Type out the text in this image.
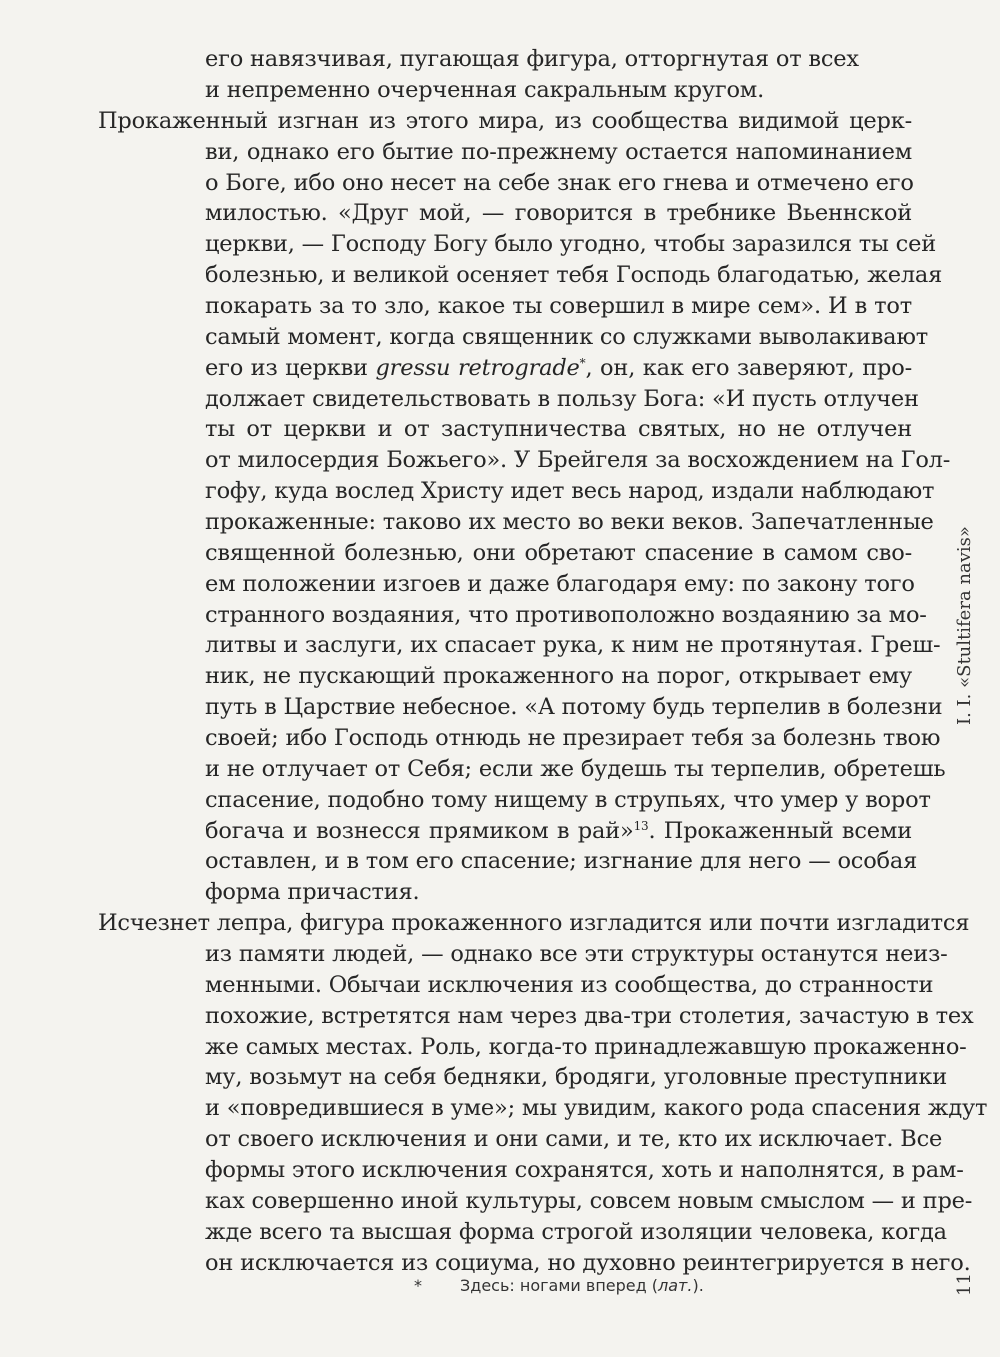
его навязчивая, пугающая фигура, отторгнутая от всех
и непременно очерченная сакральным кругом.
Прокаженный изгнан из этого мира, из сообщества видимой церк-
ви, однако его бытие по-прежнему остается напоминанием
о Боге, ибо оно несет на себе знак его гнева и отмечено его
милостью. «Друг мой, — говорится в требнике Вьеннской
церкви, — Господу Богу было угодно, чтобы заразился ты сей
болезнью, и великой осеняет тебя Господь благодатью, желая
покарать за то зло, какое ты совершил в мире сем». И в тот
самый момент, когда священник со служками выволакивают
его из церкви gressu retrograde*, он, как его заверяют, про-
должает свидетельствовать в пользу Бога: «И пусть отлучен
ты от церкви и от заступничества святых, но не отлучен
от милосердия Божьего». У Брейгеля за восхождением на Гол-
гофу, куда вослед Христу идет весь народ, издали наблюдают
прокаженные: таково их место во веки веков. Запечатленные
священной болезнью, они обретают спасение в самом сво-
ем положении изгоев и даже благодаря ему: по закону того
странного воздаяния, что противоположно воздаянию за мо-
литвы и заслуги, их спасает рука, к ним не протянутая. Греш-
ник, не пускающий прокаженного на порог, открывает ему
путь в Царствие небесное. «А потому будь терпелив в болезни
своей; ибо Господь отнюдь не презирает тебя за болезнь твою
и не отлучает от Себя; если же будешь ты терпелив, обретешь
спасение, подобно тому нищему в струпьях, что умер у ворот
богача и вознесся прямиком в рай»$^{13}$. Прокаженный всеми
оставлен, и в том его спасение; изгнание для него — особая
форма причастия.
Исчезнет лепра, фигура прокаженного изгладится или почти изгладится
из памяти людей, — однако все эти структуры останутся неиз-
менными. Обычаи исключения из сообщества, до странности
похожие, встретятся нам через два-три столетия, зачастую в тех
же самых местах. Роль, когда-то принадлежавшую прокаженно-
му, возьмут на себя бедняки, бродяги, уголовные преступники
и «повредившиеся в уме»; мы увидим, какого рода спасения ждут
от своего исключения и они сами, и те, кто их исключает. Все
формы этого исключения сохранятся, хоть и наполнятся, в рам-
ках совершенно иной культуры, совсем новым смыслом — и пре-
жде всего та высшая форма строгой изоляции человека, когда
он исключается из социума, но духовно реинтегрируется в него.
* Здесь: ногами вперед (лат.).
I. I. «Stultifera navis»
11
